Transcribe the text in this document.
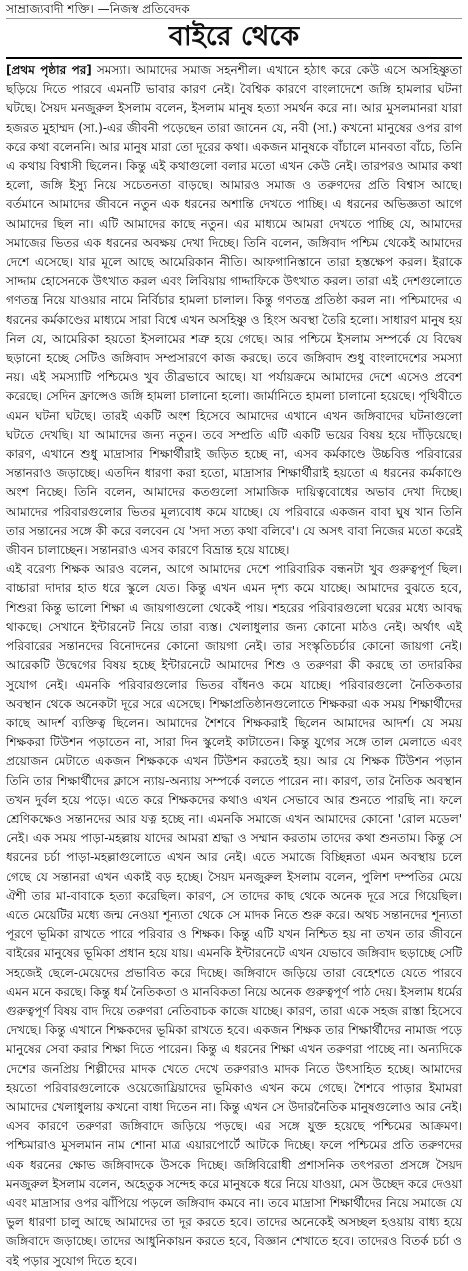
সাম্রাজ্যবাদী শক্তি। —নিজস্ব প্রতিবেদক
বাইরে থেকে

[প্রথম পৃষ্ঠার পর] সমস্যা। আমাদের সমাজ সহনশীল। এখানে হঠাৎ করে কেউ এসে অসহিষ্ণুতা ছড়িয়ে দিতে পারবে এমনটি ভাবার কারণ নেই। বৈশ্বিক কারণে বাংলাদেশে জঙ্গি হামলার ঘটনা ঘটছে। সৈয়দ মনজুরুল ইসলাম বলেন, ইসলাম মানুষ হত্যা সমর্থন করে না। আর মুসলমানরা যারা হজরত মুহাম্মদ (সা.)-এর জীবনী পড়েছেন তারা জানেন যে, নবী (সা.) কখনো মানুষের ওপর রাগ করে কথা বলেননি। আর মানুষ মারা তো দূরের কথা। একজন মানুষকে বাঁচালে মানবতা বাঁচে, তিনি এ কথায় বিশ্বাসী ছিলেন। কিন্তু এই কথাগুলো বলার মতো এখন কেউ নেই। তারপরও আমার কথা হলো, জঙ্গি ইস্যু নিয়ে সচেতনতা বাড়ছে। আমারও সমাজ ও তরুণদের প্রতি বিশ্বাস আছে। বর্তমানে আমাদের জীবনে নতুন এক ধরনের অশান্তি দেখতে পাচ্ছি। এ ধরনের অভিজ্ঞতা আগে আমাদের ছিল না। এটি আমাদের কাছে নতুন। এর মাধ্যমে আমরা দেখতে পাচ্ছি যে, আমাদের সমাজের ভিতর এক ধরনের অবক্ষয় দেখা দিচ্ছে। তিনি বলেন, জঙ্গিবাদ পশ্চিম থেকেই আমাদের দেশে এসেছে। যার মূলে আছে আমেরিকান নীতি। আফগানিস্তানে তারা হস্তক্ষেপ করল। ইরাকে সাদ্দাম হোসেনকে উৎখাত করল এবং লিবিয়ায় গাদ্দাফিকে উৎখাত করল। তারা এই দেশগুলোতে গণতন্ত্র নিয়ে যাওয়ার নামে নির্বিচার হামলা চালাল। কিন্তু গণতন্ত্র প্রতিষ্ঠা করল না। পশ্চিমাদের এ ধরনের কর্মকাণ্ডের মাধ্যমে সারা বিশ্বে এখন অসহিষ্ণু ও হিংস অবস্থা তৈরি হলো। সাধারণ মানুষ হয় নিল যে, আমেরিকা হয়তো ইসলামের শত্রু হয়ে গেছে। আর পশ্চিমে ইসলাম সম্পর্কে যে বিদ্বেষ ছড়ানো হচ্ছে সেটিও জঙ্গিবাদ সম্প্রসারণে কাজ করছে। তবে জঙ্গিবাদ শুধু বাংলাদেশের সমস্যা নয়। এই সমস্যাটি পশ্চিমেও খুব তীব্রভাবে আছে। যা পর্যায়ক্রমে আমাদের দেশে এসেও প্রবেশ করেছে। সেদিন ফ্রান্সেও জঙ্গি হামলা চালানো হলো। জার্মানিতে হামলা চালানো হয়েছে। পৃথিবীতে এমন ঘটনা ঘটছে। তারই একটি অংশ হিসেবে আমাদের এখানে এখন জঙ্গিবাদের ঘটনাগুলো ঘটতে দেখছি। যা আমাদের জন্য নতুন। তবে সম্প্রতি এটি একটি ভয়ের বিষয় হয়ে দাঁড়িয়েছে। কারণ, এখানে শুধু মাদ্রাসার শিক্ষার্থীরাই জড়িত হচ্ছে না, এসব কর্মকাণ্ডে উচ্চবিত্ত পরিবারের সন্তানরাও জড়াচ্ছে। এতদিন ধারণা করা হতো, মাদ্রাসার শিক্ষার্থীরাই হয়তো এ ধরনের কর্মকাণ্ডে অংশ নিচ্ছে। তিনি বলেন, আমাদের কতগুলো সামাজিক দায়িত্ববোধের অভাব দেখা দিচ্ছে। আমাদের পরিবারগুলোর ভিতর মূল্যবোধ কমে যাচ্ছে। যে পরিবারে একজন বাবা ঘুষ খান তিনি তার সন্তানের সঙ্গে কী করে বলবেন যে 'সদা সত্য কথা বলিবে'। যে অসৎ বাবা নিজের মতো করেই জীবন চালাচ্ছেন। সন্তানরাও এসব কারণে বিভ্রান্ত হয়ে যাচ্ছে।

এই বরেণ্য শিক্ষক আরও বলেন, আগে আমাদের দেশে পারিবারিক বন্ধনটা খুব গুরুত্বপূর্ণ ছিল। বাচ্চারা দাদার হাত ধরে স্কুলে যেত। কিন্তু এখন এমন দৃশ্য কমে যাচ্ছে। আমাদের বুঝতে হবে, শিশুরা কিন্তু ভালো শিক্ষা এ জায়গাগুলো থেকেই পায়। শহরের পরিবারগুলো ঘরের মধ্যে আবদ্ধ থাকছে। সেখানে ইন্টারনেট নিয়ে তারা ব্যস্ত। খেলাধুলার জন্য কোনো মাঠও নেই। অর্থাৎ এই পরিবারের সন্তানদের বিনোদনের কোনো জায়গা নেই। তার সংস্কৃতিচর্চার কোনো জায়গা নেই। আরেকটি উদ্বেগের বিষয় হচ্ছে ইন্টারনেটে আমাদের শিশু ও তরুণরা কী করছে তা তদারকির সুযোগ নেই। এমনকি পরিবারগুলোর ভিতর বাঁধনও কমে যাচ্ছে। পরিবারগুলো নৈতিকতার অবস্থান থেকে অনেকটা দূরে সরে এসেছে। শিক্ষাপ্রতিষ্ঠানগুলোতে শিক্ষকরা এক সময় শিক্ষার্থীদের কাছে আদর্শ ব্যক্তিত্ব ছিলেন। আমাদের শৈশবে শিক্ষকরাই ছিলেন আমাদের আদর্শ। যে সময় শিক্ষকরা টিউশন পড়াতেন না, সারা দিন স্কুলেই কাটাতেন। কিন্তু যুগের সঙ্গে তাল মেলাতে এবং প্রয়োজন মেটাতে একজন শিক্ষককে এখন টিউশন করতেই হয়। আর যে শিক্ষক টিউশন পড়ান তিনি তার শিক্ষার্থীদের ক্লাসে ন্যায়-অন্যায় সম্পর্কে বলতে পারেন না। কারণ, তার নৈতিক অবস্থান তখন দুর্বল হয়ে পড়ে। এতে করে শিক্ষকদের কথাও এখন সেভাবে আর শুনতে পারছি না। ফলে শ্রেণিকক্ষেও সন্তানদের আর যত্ন হচ্ছে না। এমনকি সমাজে এখন আমাদের কোনো 'রোল মডেল' নেই। এক সময় পাড়া-মহল্লায় যাদের আমরা শ্রদ্ধা ও সম্মান করতাম তাদের কথা শুনতাম। কিন্তু সে ধরনের চর্চা পাড়া-মহল্লাগুলোতে এখন আর নেই। এতে সমাজে বিচ্ছিন্নতা এমন অবস্থায় চলে গেছে যে সন্তানরা এখন একাই বড় হচ্ছে। সৈয়দ মনজুরুল ইসলাম বলেন, পুলিশ দম্পতির মেয়ে ঐশী তার মা-বাবাকে হত্যা করেছিল। কারণ, সে তাদের কাছ থেকে অনেক দূরে সরে গিয়েছিল। এতে মেয়েটির মধ্যে জন্ম নেওয়া শূন্যতা থেকে সে মাদক নিতে শুরু করে। অথচ সন্তানদের শূন্যতা পূরণে ভূমিকা রাখতে পারে পরিবার ও শিক্ষক। কিন্তু এটি যখন নিশ্চিত হয় না তখন তার জীবনে বাইরের মানুষের ভূমিকা প্রধান হয়ে যায়। এমনকি ইন্টারনেটে এখন যেভাবে জঙ্গিবাদ ছড়াচ্ছে সেটি সহজেই ছেলে-মেয়েদের প্রভাবিত করে দিচ্ছে। জঙ্গিবাদে জড়িয়ে তারা বেহেশতে যেতে পারবে এমন মনে করছে। কিন্তু ধর্ম নৈতিকতা ও মানবিকতা নিয়ে অনেক গুরুত্বপূর্ণ পাঠ দেয়। ইসলাম ধর্মের গুরুত্বপূর্ণ বিষয় বাদ দিয়ে তরুণরা নেতিবাচক কাজে যাচ্ছে। কারণ, তারা একে সহজ রাস্তা হিসেবে দেখছে। কিন্তু এখানে শিক্ষকদের ভূমিকা রাখতে হবে। একজন শিক্ষক তার শিক্ষার্থীদের নামাজ পড়ে মানুষের সেবা করার শিক্ষা দিতে পারেন। কিন্তু এ ধরনের শিক্ষা এখন তরুণরা পাচ্ছে না। অন্যদিকে দেশের জনপ্রিয় শিল্পীদের মাদক খেতে দেখে তরুণরাও মাদক নিতে উৎসাহিত হচ্ছে। আমাদের হয়তো পরিবারগুলোকে ওয়েজোয়্রিয়াদের ভূমিকাও এখন কমে গেছে। শৈশবে পাড়ার ইমামরা আমাদের খেলাধুলায় কখনো বাধা দিতেন না। কিন্তু এখন সে উদারনৈতিক মানুষগুলোও আর নেই। এসব কারণে তরুণরা জঙ্গিবাদে জড়িয়ে পড়ছে। এর সঙ্গে যুক্ত হয়েছে পশ্চিমের আক্রমণ। পশ্চিমারাও মুসলমান নাম শোনা মাত্র এয়ারপোর্টে আটকে দিচ্ছে। ফলে পশ্চিমের প্রতি তরুণদের এক ধরনের ক্ষোভ জঙ্গিবাদকে উসকে দিচ্ছে। জঙ্গিবিরোধী প্রশাসনিক তৎপরতা প্রসঙ্গে সৈয়দ মনজুরুল ইসলাম বলেন, অহেতুক সন্দেহ করে মানুষকে ধরে নিয়ে যাওয়া, মেস উচ্ছেদ করে দেওয়া এবং মাদ্রাসার ওপর ঝাঁপিয়ে পড়লে জঙ্গিবাদ কমবে না। তবে মাদ্রাসা শিক্ষার্থীদের নিয়ে সমাজে যে ভুল ধারণা চালু আছে আমাদের তা দূর করতে হবে। তাদের অনেকেই অসচ্ছল হওয়ায় বাধ্য হয়ে জঙ্গিবাদে জড়াচ্ছে। তাদের আধুনিকায়ন করতে হবে, বিজ্ঞান শেখাতে হবে। তাদেরও বিতর্ক চর্চা ও বই পড়ার সুযোগ দিতে হবে।
